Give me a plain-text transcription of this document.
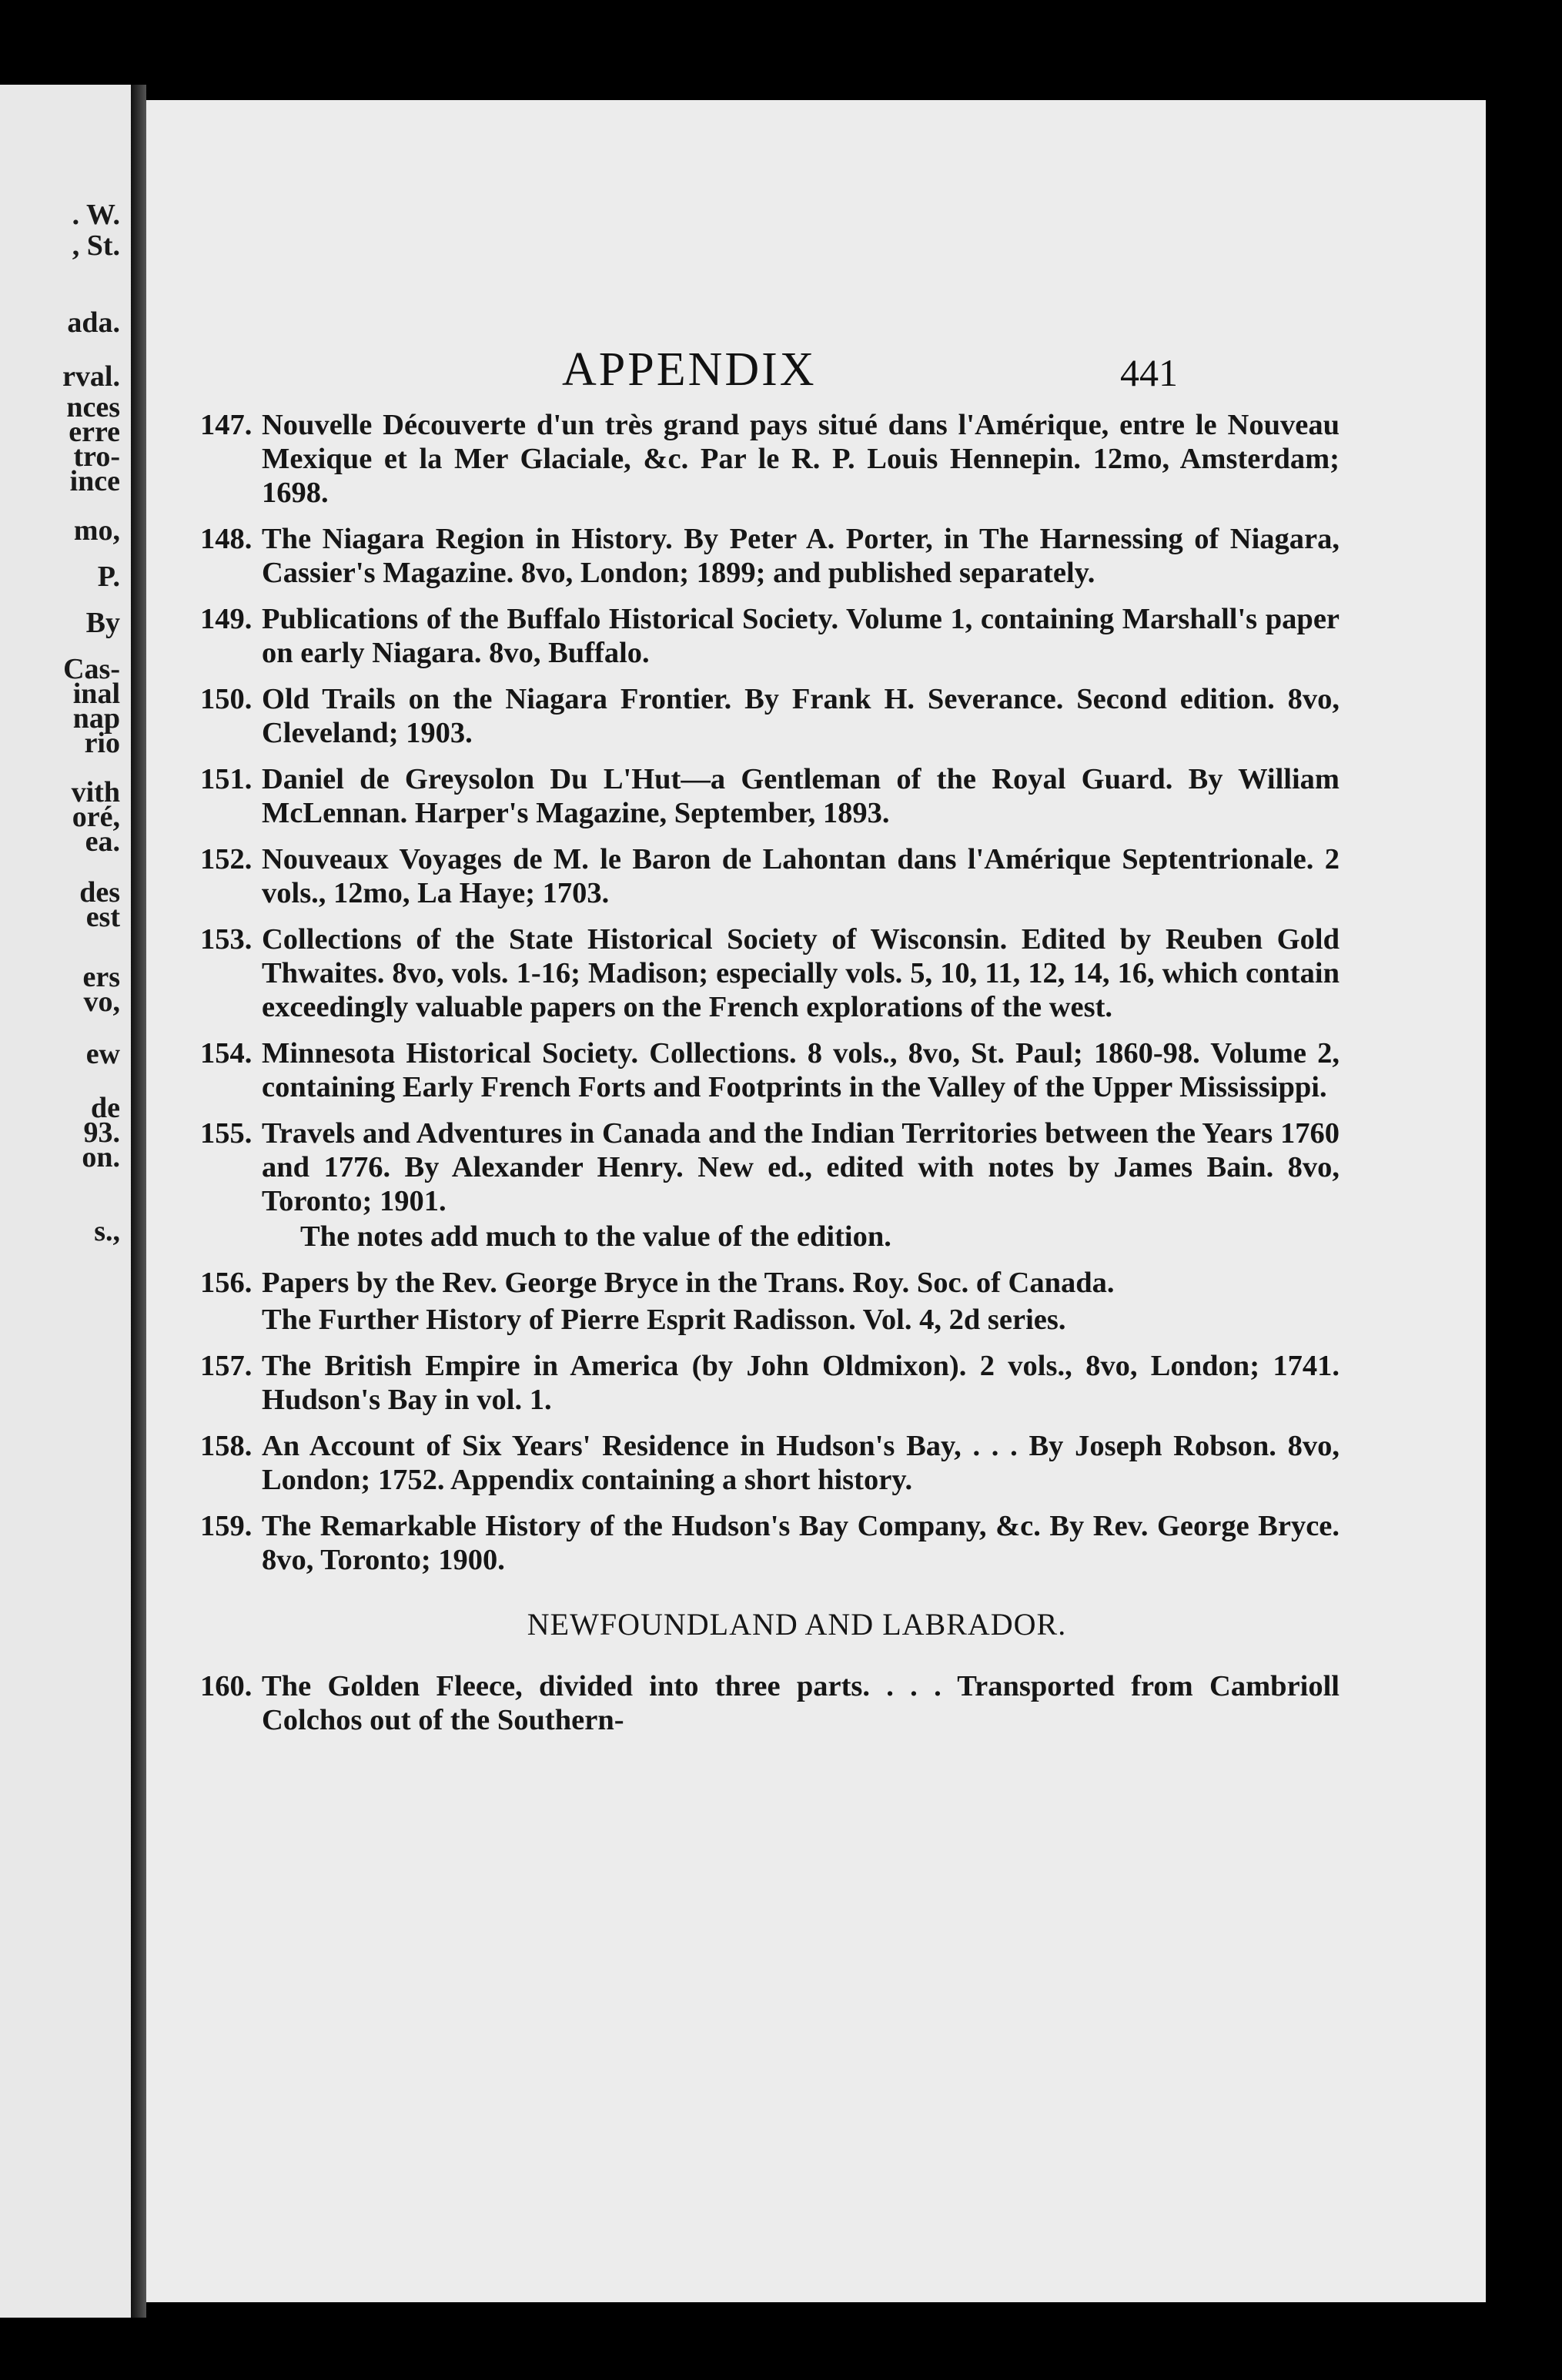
. W.
, St.
ada.
rval.
nces
erre
tro-
ince
mo,
P.
By
Cas-
inal
nap
rio
vith
oré,
ea.
des
est
ers
vo,
ew
de
93.
on.
s.,
APPENDIX	441
147. Nouvelle Découverte d'un très grand pays situé dans l'Amérique, entre le Nouveau Mexique et la Mer Glaciale, &c. Par le R. P. Louis Hennepin. 12mo, Amsterdam; 1698.
148. The Niagara Region in History. By Peter A. Porter, in The Harnessing of Niagara, Cassier's Magazine. 8vo, London; 1899; and published separately.
149. Publications of the Buffalo Historical Society. Volume 1, containing Marshall's paper on early Niagara. 8vo, Buffalo.
150. Old Trails on the Niagara Frontier. By Frank H. Severance. Second edition. 8vo, Cleveland; 1903.
151. Daniel de Greysolon Du L'Hut—a Gentleman of the Royal Guard. By William McLennan. Harper's Magazine, September, 1893.
152. Nouveaux Voyages de M. le Baron de Lahontan dans l'Amérique Septentrionale. 2 vols., 12mo, La Haye; 1703.
153. Collections of the State Historical Society of Wisconsin. Edited by Reuben Gold Thwaites. 8vo, vols. 1-16; Madison; especially vols. 5, 10, 11, 12, 14, 16, which contain exceedingly valuable papers on the French explorations of the west.
154. Minnesota Historical Society. Collections. 8 vols., 8vo, St. Paul; 1860-98. Volume 2, containing Early French Forts and Footprints in the Valley of the Upper Mississippi.
155. Travels and Adventures in Canada and the Indian Territories between the Years 1760 and 1776. By Alexander Henry. New ed., edited with notes by James Bain. 8vo, Toronto; 1901.
The notes add much to the value of the edition.
156. Papers by the Rev. George Bryce in the Trans. Roy. Soc. of Canada.
The Further History of Pierre Esprit Radisson. Vol. 4, 2d series.
157. The British Empire in America (by John Oldmixon). 2 vols., 8vo, London; 1741. Hudson's Bay in vol. 1.
158. An Account of Six Years' Residence in Hudson's Bay, . . . By Joseph Robson. 8vo, London; 1752. Appendix containing a short history.
159. The Remarkable History of the Hudson's Bay Company, &c. By Rev. George Bryce. 8vo, Toronto; 1900.
NEWFOUNDLAND AND LABRADOR.
160. The Golden Fleece, divided into three parts. . . . Transported from Cambrioll Colchos out of the Southern-
